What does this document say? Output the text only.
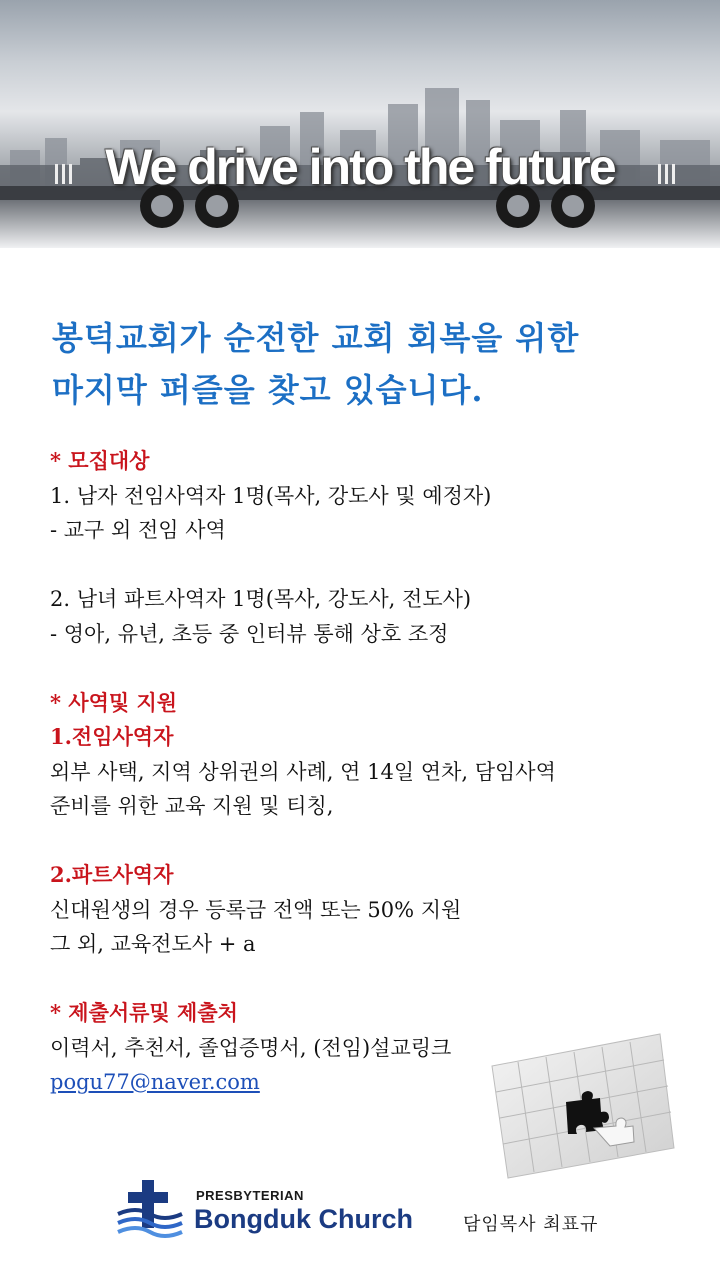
We drive into the future
봉덕교회가 순전한 교회 회복을 위한
마지막 퍼즐을 찾고 있습니다.
* 모집대상
1. 남자 전임사역자 1명(목사, 강도사 및 예정자)
- 교구 외 전임 사역
2. 남녀 파트사역자 1명(목사, 강도사, 전도사)
- 영아, 유년, 초등 중 인터뷰 통해 상호 조정
* 사역및 지원
1.전임사역자
외부 사택, 지역 상위권의 사례, 연 14일 연차, 담임사역
준비를 위한 교육 지원 및 티칭,
2.파트사역자
신대원생의 경우 등록금 전액 또는 50% 지원
그 외, 교육전도사 + a
* 제출서류및 제출처
이력서, 추천서, 졸업증명서, (전임)설교링크
pogu77@naver.com
PRESBYTERIAN
Bongduk Church	담임목사 최표규
